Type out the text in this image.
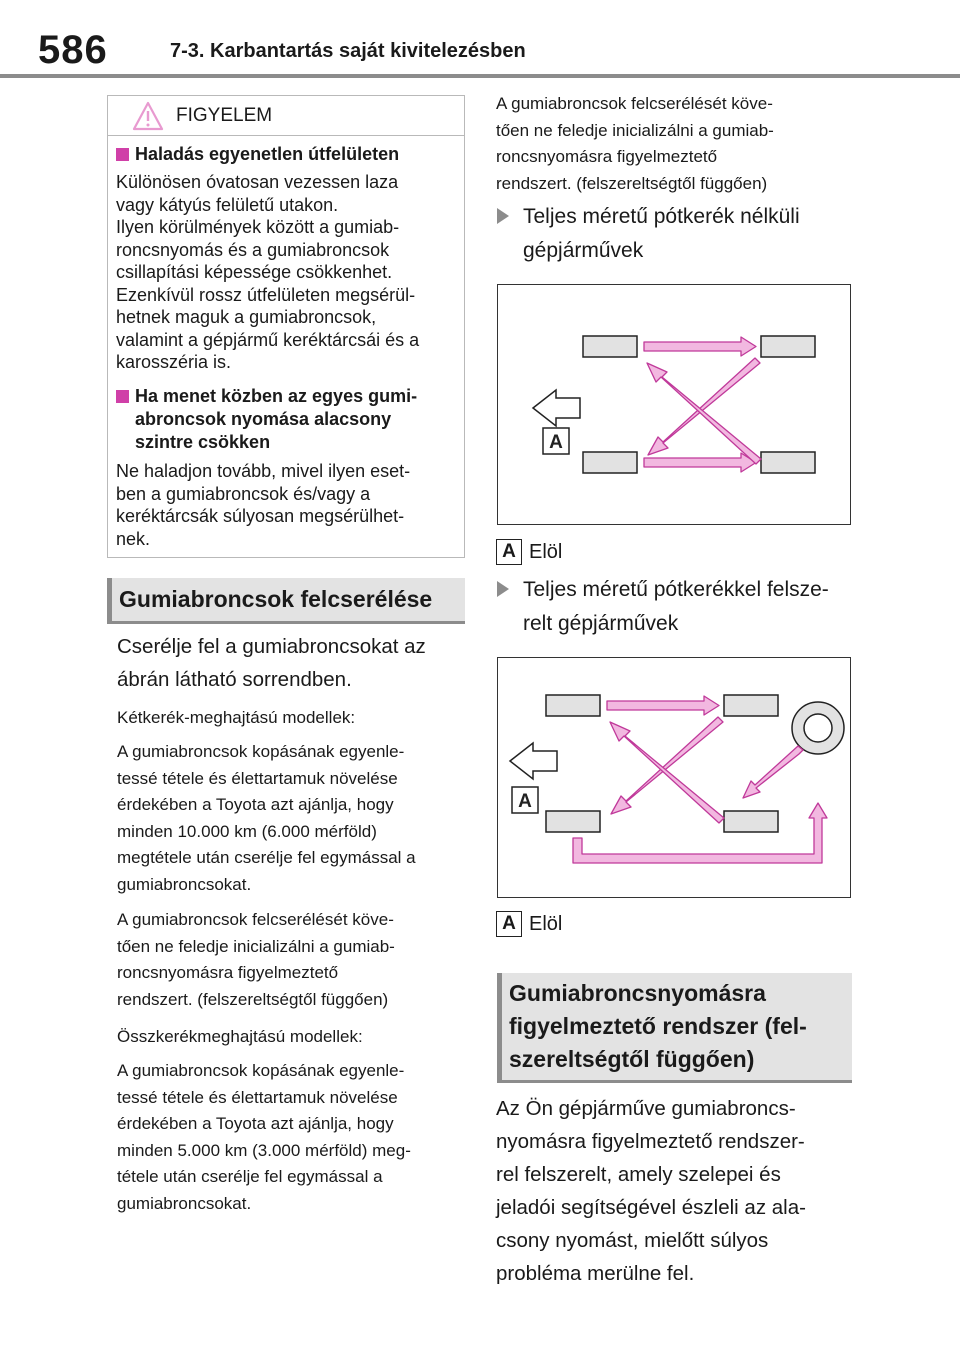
586	7-3. Karbantartás saját kivitelezésben
FIGYELEM
Haladás egyenetlen útfelületen
Különösen óvatosan vezessen laza
vagy kátyús felületű utakon.
Ilyen körülmények között a gumiab-
roncsnyomás és a gumiabroncsok
csillapítási képessége csökkenhet.
Ezenkívül rossz útfelületen megsérül-
hetnek maguk a gumiabroncsok,
valamint a gépjármű keréktárcsái és a
karosszéria is.
Ha menet közben az egyes gumi-
abroncsok nyomása alacsony
szintre csökken
Ne haladjon tovább, mivel ilyen eset-
ben a gumiabroncsok és/vagy a
keréktárcsák súlyosan megsérülhet-
nek.
Gumiabroncsok felcserélése
Cserélje fel a gumiabroncsokat az
ábrán látható sorrendben.
Kétkerék-meghajtású modellek:
A gumiabroncsok kopásának egyenle-
tessé tétele és élettartamuk növelése
érdekében a Toyota azt ajánlja, hogy
minden 10.000 km (6.000 mérföld)
megtétele után cserélje fel egymással a
gumiabroncsokat.
A gumiabroncsok felcserélését köve-
tően ne feledje inicializálni a gumiab-
roncsnyomásra figyelmeztető
rendszert. (felszereltségtől függően)
Összkerékmeghajtású modellek:
A gumiabroncsok kopásának egyenle-
tessé tétele és élettartamuk növelése
érdekében a Toyota azt ajánlja, hogy
minden 5.000 km (3.000 mérföld) meg-
tétele után cserélje fel egymással a
gumiabroncsokat.
A gumiabroncsok felcserélését köve-
tően ne feledje inicializálni a gumiab-
roncsnyomásra figyelmeztető
rendszert. (felszereltségtől függően)
Teljes méretű pótkerék nélküli
gépjárművek
A
A Elöl
Teljes méretű pótkerékkel felsze-
relt gépjárművek
A
A Elöl
Gumiabroncsnyomásra
figyelmeztető rendszer (fel-
szereltségtől függően)
Az Ön gépjárműve gumiabroncs-
nyomásra figyelmeztető rendszer-
rel felszerelt, amely szelepei és
jeladói segítségével észleli az ala-
csony nyomást, mielőtt súlyos
probléma merülne fel.
